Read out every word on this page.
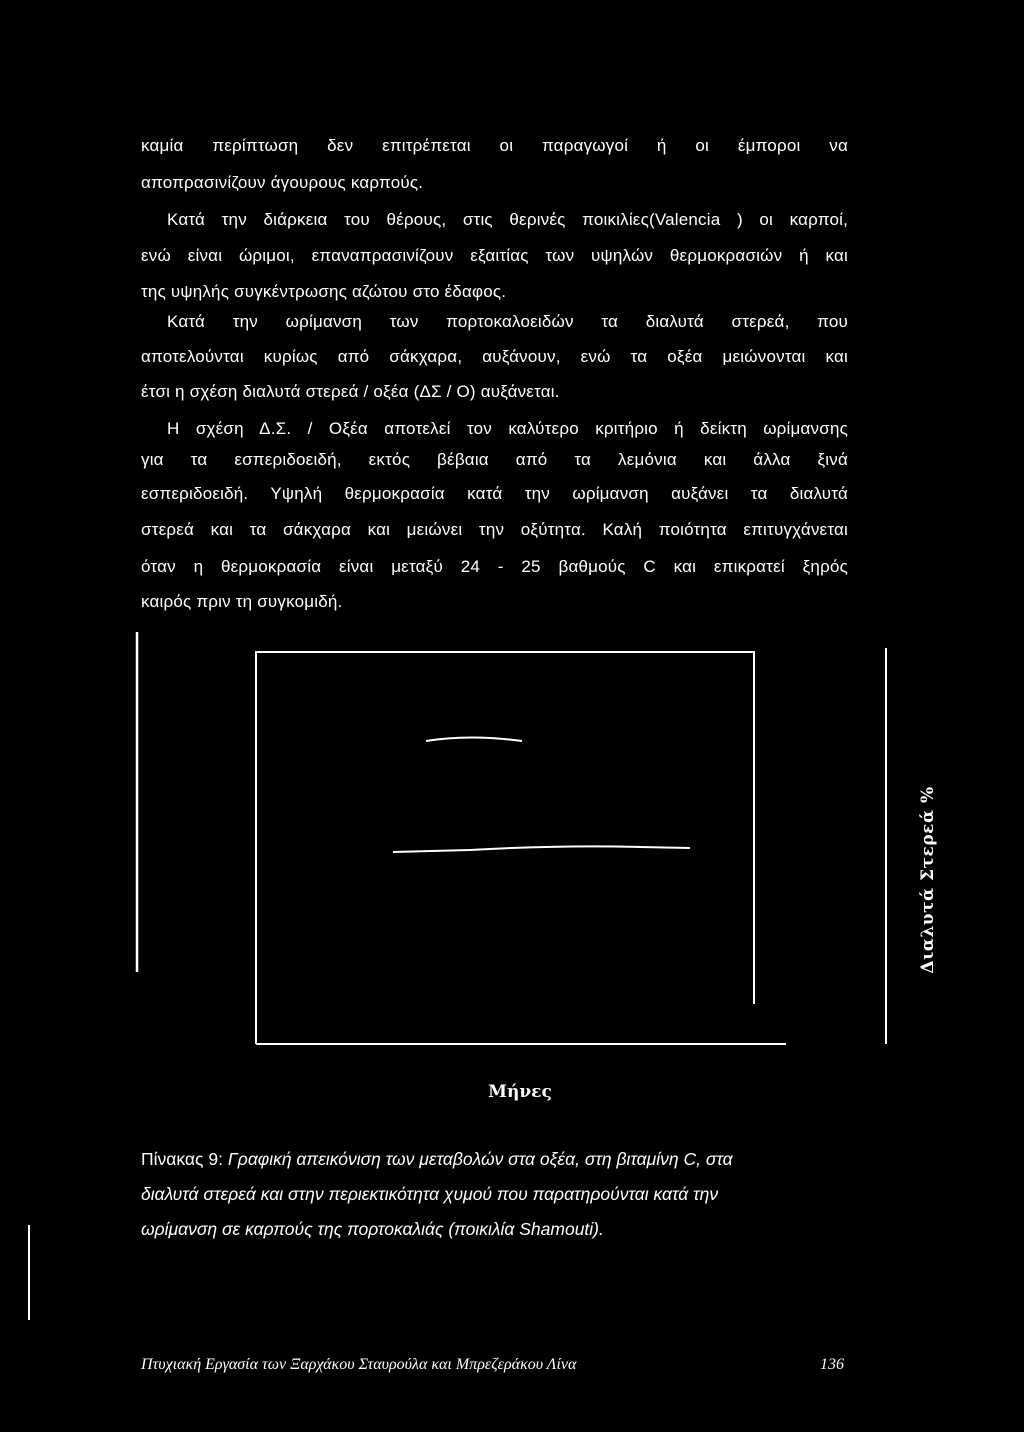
καμία περίπτωση δεν επιτρέπεται οι παραγωγοί ή οι έμποροι να
αποπρασινίζουν άγουρους καρπούς.
Κατά την διάρκεια του θέρους, στις θερινές ποικιλίες(Valencia ) οι καρποί,
ενώ είναι ώριμοι, επαναπρασινίζουν εξαιτίας των υψηλών θερμοκρασιών ή και
της υψηλής συγκέντρωσης αζώτου στο έδαφος.
Κατά την ωρίμανση των πορτοκαλοειδών τα διαλυτά στερεά, που
αποτελούνται κυρίως από σάκχαρα, αυξάνουν, ενώ τα οξέα μειώνονται και
έτσι η σχέση διαλυτά στερεά / οξέα (ΔΣ / Ο) αυξάνεται.
Η σχέση Δ.Σ. / Οξέα αποτελεί τον καλύτερο κριτήριο ή δείκτη ωρίμανσης
για τα εσπεριδοειδή, εκτός βέβαια από τα λεμόνια και άλλα ξινά
εσπεριδοειδή. Υψηλή θερμοκρασία κατά την ωρίμανση αυξάνει τα διαλυτά
στερεά και τα σάκχαρα και μειώνει την οξύτητα. Καλή ποιότητα επιτυγχάνεται
όταν η θερμοκρασία είναι μεταξύ 24 - 25 βαθμούς C και επικρατεί ξηρός
καιρός πριν τη συγκομιδή.
Διαλυτά Στερεά %
Μήνες
Πίνακας 9: Γραφική απεικόνιση των μεταβολών στα οξέα, στη βιταμίνη C, στα
διαλυτά στερεά και στην περιεκτικότητα χυμού που παρατηρούνται κατά την
ωρίμανση σε καρπούς της πορτοκαλιάς (ποικιλία Shamouti).
Πτυχιακή Εργασία των Ξαρχάκου Σταυρούλα και Μπρεζεράκου Λίνα	136
